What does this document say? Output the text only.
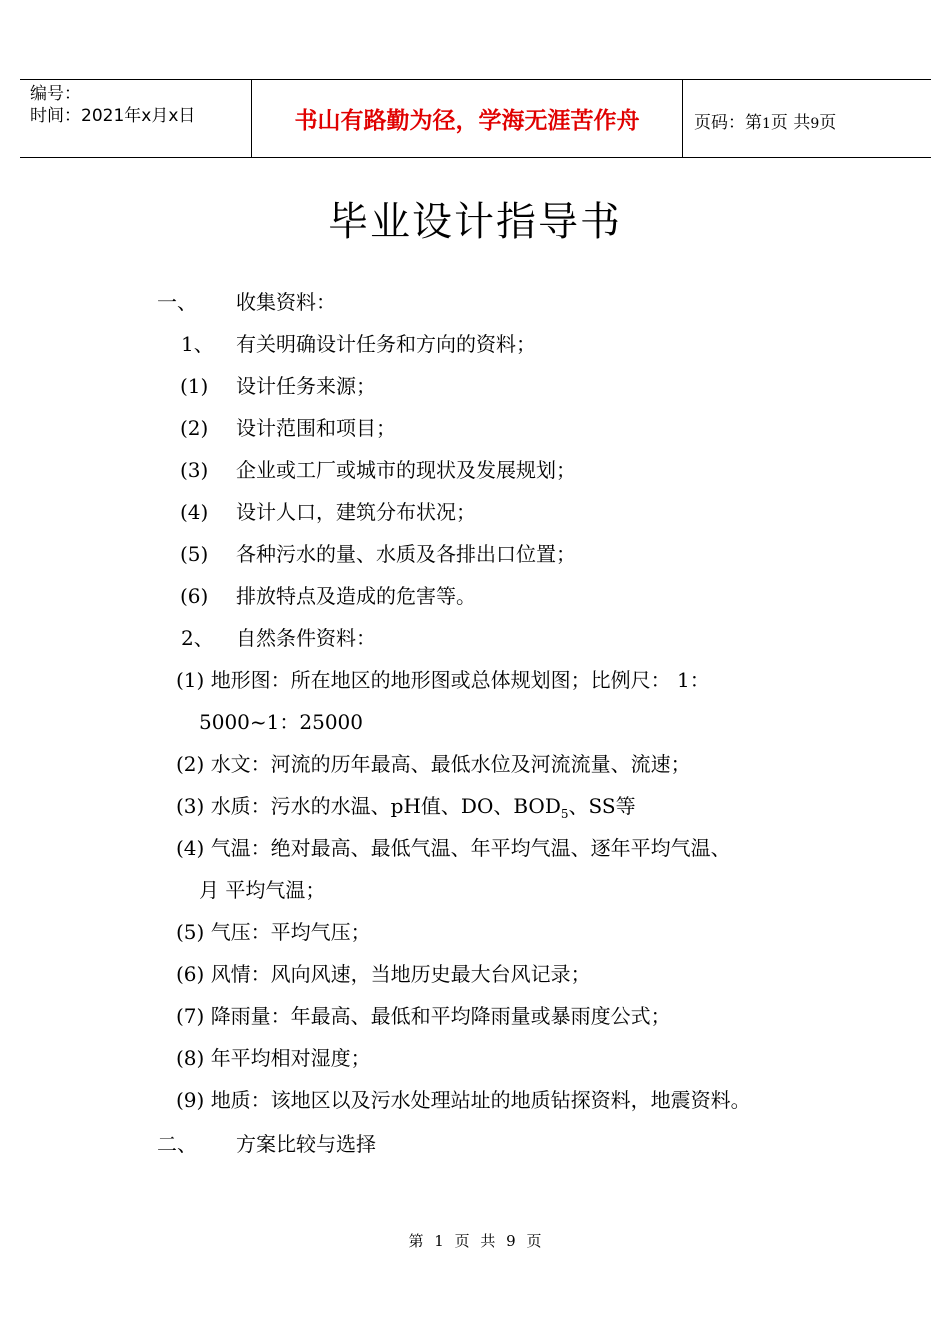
编号：
时间：2021年x月x日	书山有路勤为径，学海无涯苦作舟	页码：第1页 共9页
毕业设计指导书
一、 收集资料：
1、 有关明确设计任务和方向的资料；
(1) 设计任务来源；
(2) 设计范围和项目；
(3) 企业或工厂或城市的现状及发展规划；
(4) 设计人口，建筑分布状况；
(5) 各种污水的量、水质及各排出口位置；
(6) 排放特点及造成的危害等。
2、 自然条件资料：
(1) 地形图：所在地区的地形图或总体规划图；比例尺： 1：
5000~1：25000
(2) 水文：河流的历年最高、最低水位及河流流量、流速；
(3) 水质：污水的水温、pH值、DO、$BOD_5$、SS等
(4) 气温：绝对最高、最低气温、年平均气温、逐年平均气温、
月 平均气温；
(5) 气压：平均气压；
(6) 风情：风向风速，当地历史最大台风记录；
(7) 降雨量：年最高、最低和平均降雨量或暴雨度公式；
(8) 年平均相对湿度；
(9) 地质：该地区以及污水处理站址的地质钻探资料，地震资料。
二、 方案比较与选择
第 1 页 共 9 页
